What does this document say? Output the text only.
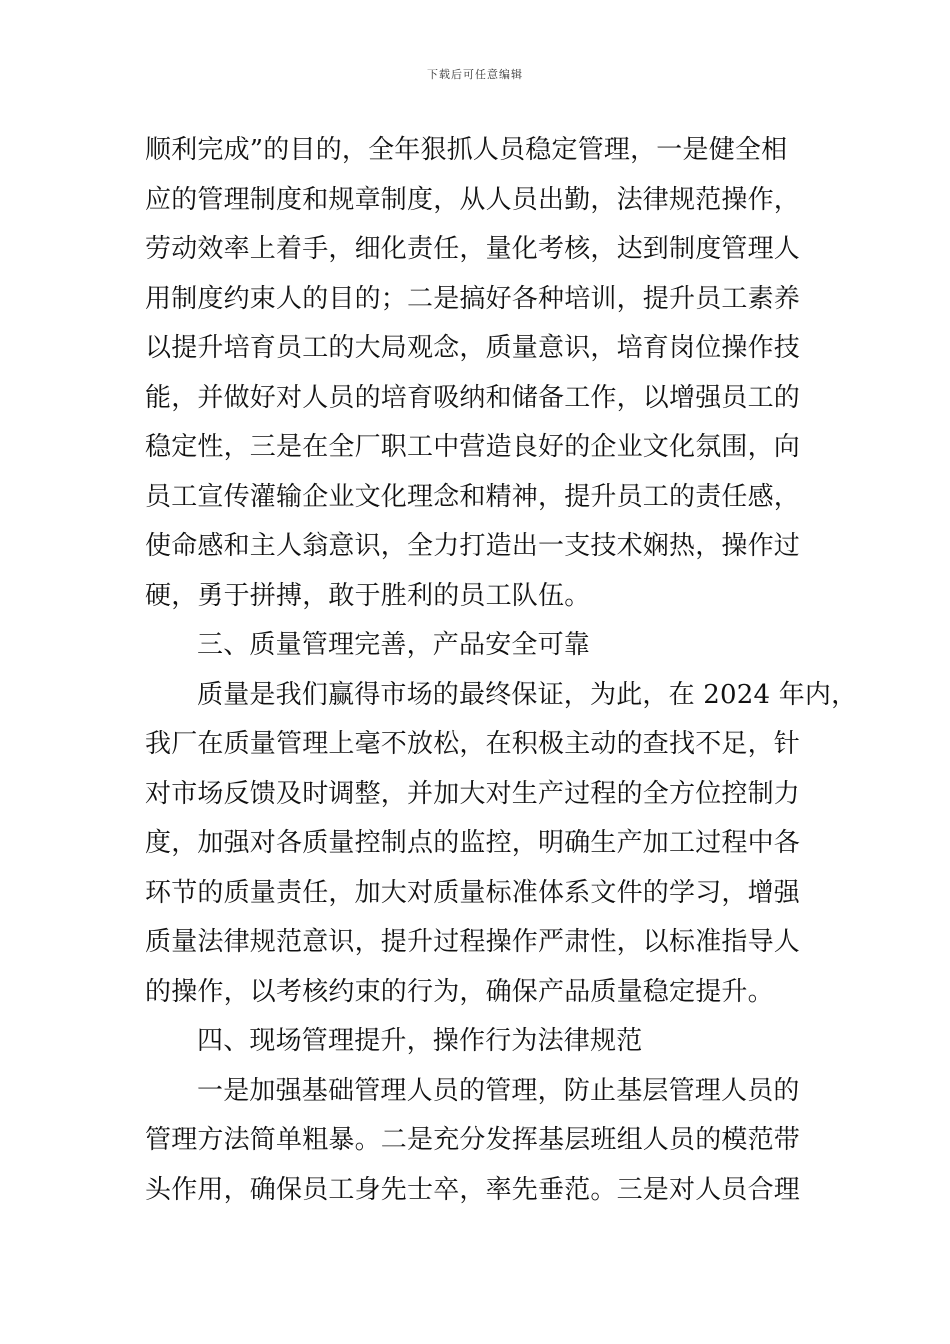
下载后可任意编辑
顺利完成”的目的，全年狠抓人员稳定管理，一是健全相
应的管理制度和规章制度，从人员出勤，法律规范操作，
劳动效率上着手，细化责任，量化考核，达到制度管理人
用制度约束人的目的；二是搞好各种培训，提升员工素养
以提升培育员工的大局观念，质量意识，培育岗位操作技
能，并做好对人员的培育吸纳和储备工作，以增强员工的
稳定性，三是在全厂职工中营造良好的企业文化氛围，向
员工宣传灌输企业文化理念和精神，提升员工的责任感，
使命感和主人翁意识，全力打造出一支技术娴热，操作过
硬，勇于拼搏，敢于胜利的员工队伍。
三、质量管理完善，产品安全可靠
质量是我们赢得市场的最终保证，为此，在 2024 年内，
我厂在质量管理上毫不放松，在积极主动的查找不足，针
对市场反馈及时调整，并加大对生产过程的全方位控制力
度，加强对各质量控制点的监控，明确生产加工过程中各
环节的质量责任，加大对质量标准体系文件的学习，增强
质量法律规范意识，提升过程操作严肃性，以标准指导人
的操作，以考核约束的行为，确保产品质量稳定提升。
四、现场管理提升，操作行为法律规范
一是加强基础管理人员的管理，防止基层管理人员的
管理方法简单粗暴。二是充分发挥基层班组人员的模范带
头作用，确保员工身先士卒，率先垂范。三是对人员合理
